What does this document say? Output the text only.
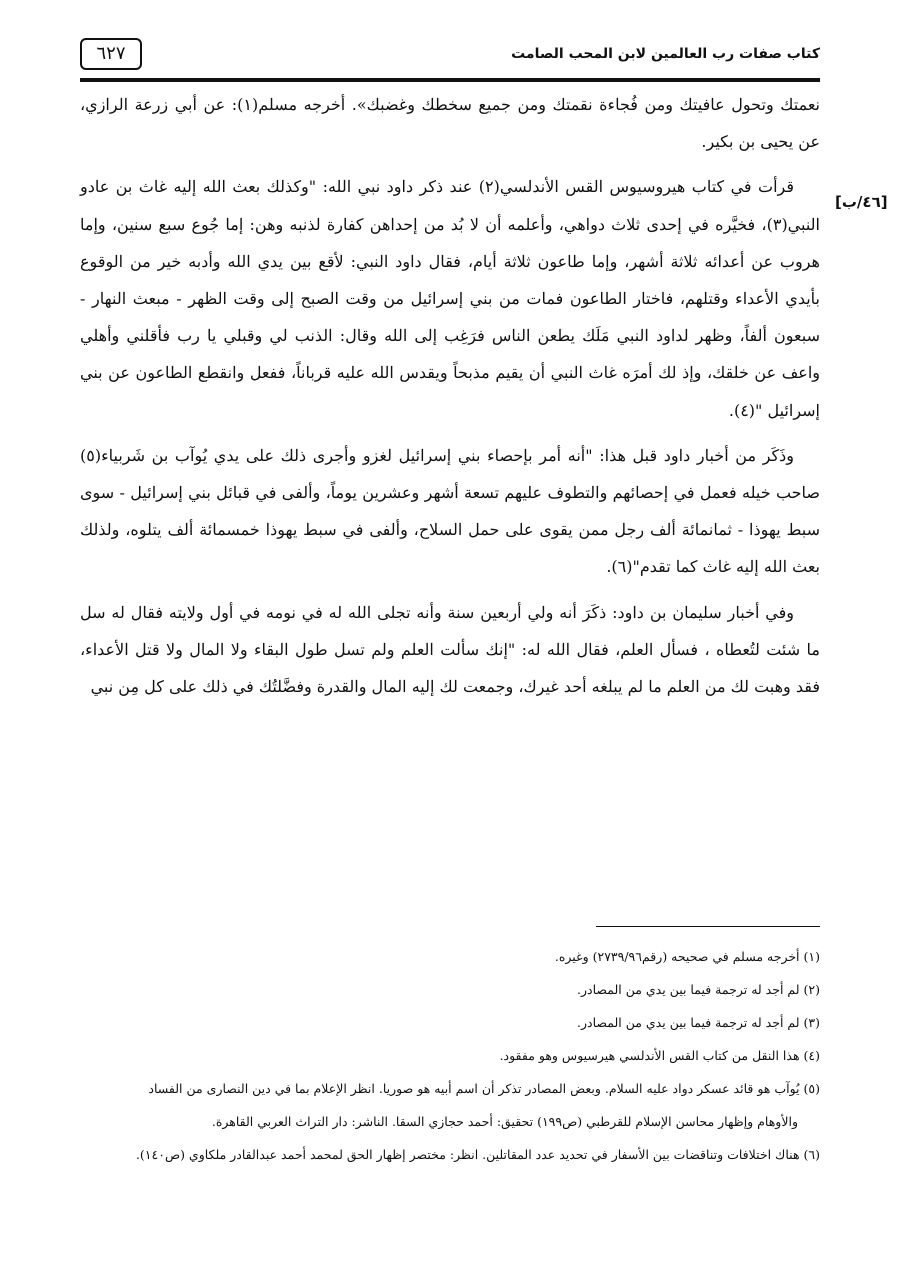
٦٢٧	كتاب صفات رب العالمين لابن المحب الصامت
[٤٦/ب]

نعمتك وتحول عافيتك ومن فُجاءة نقمتك ومن جميع سخطك وغضبك». أخرجه مسلم(١): عن أبي زرعة الرازي، عن يحيى بن بكير.

قرأت في كتاب هيروسيوس القس الأندلسي(٢) عند ذكر داود نبي الله: "وكذلك بعث الله إليه غاث بن عادو النبي(٣)، فخيَّره في إحدى ثلاث دواهي، وأعلمه أن لا بُد من إحداهن كفارة لذنبه وهن: إما جُوع سبع سنين، وإما هروب عن أعدائه ثلاثة أشهر، وإما طاعون ثلاثة أيام، فقال داود النبي: لأقع بين يدي الله وأدبه خير من الوقوع بأيدي الأعداء وقتلهم، فاختار الطاعون فمات من بني إسرائيل من وقت الصبح إلى وقت الظهر - مبعث النهار - سبعون ألفاً، وظهر لداود النبي مَلَك يطعن الناس فرَغِب إلى الله وقال: الذنب لي وقبلي يا رب فأقلني وأهلي واعف عن خلقك، وإذ لك أمرَه غاث النبي أن يقيم مذبحاً ويقدس الله عليه قرباناً، ففعل وانقطع الطاعون عن بني إسرائيل "(٤).

وذَكَر من أخبار داود قبل هذا: "أنه أمر بإحصاء بني إسرائيل لغزو وأجرى ذلك على يدي يُوآب بن شَربياء(٥) صاحب خيله فعمل في إحصائهم والتطوف عليهم تسعة أشهر وعشرين يوماً، وألفى في قبائل بني إسرائيل - سوى سبط يهوذا - ثمانمائة ألف رجل ممن يقوى على حمل السلاح، وألفى في سبط يهوذا خمسمائة ألف يتلوه، ولذلك بعث الله إليه غاث كما تقدم"(٦).

وفي أخبار سليمان بن داود: ذكَرَ أنه ولي أربعين سنة وأنه تجلى الله له في نومه في أول ولايته فقال له سل ما شئت لتُعطاه ، فسأل العلم، فقال الله له: "إنك سألت العلم ولم تسل طول البقاء ولا المال ولا قتل الأعداء، فقد وهبت لك من العلم ما لم يبلغه أحد غيرك، وجمعت لك إليه المال والقدرة وفضَّلتُك في ذلك على كل مِن نبي

(١) أخرجه مسلم في صحيحه (رقم٢٧٣٩/٩٦) وغيره.

(٢) لم أجد له ترجمة فيما بين يدي من المصادر.

(٣) لم أجد له ترجمة فيما بين يدي من المصادر.

(٤) هذا النقل من كتاب القس الأندلسي هيرسيوس وهو مفقود.

(٥) يُوآب هو قائد عسكر دواد عليه السلام. وبعض المصادر تذكر أن اسم أبيه هو صوريا. انظر الإعلام بما في دين النصارى من الفساد

والأوهام وإظهار محاسن الإسلام للقرطبي (ص١٩٩) تحقيق: أحمد حجازي السقا. الناشر: دار التراث العربي القاهرة.

(٦) هناك اختلافات وتناقضات بين الأسفار في تحديد عدد المقاتلين. انظر: مختصر إظهار الحق لمحمد أحمد عبدالقادر ملكاوي (ص١٤٠).
